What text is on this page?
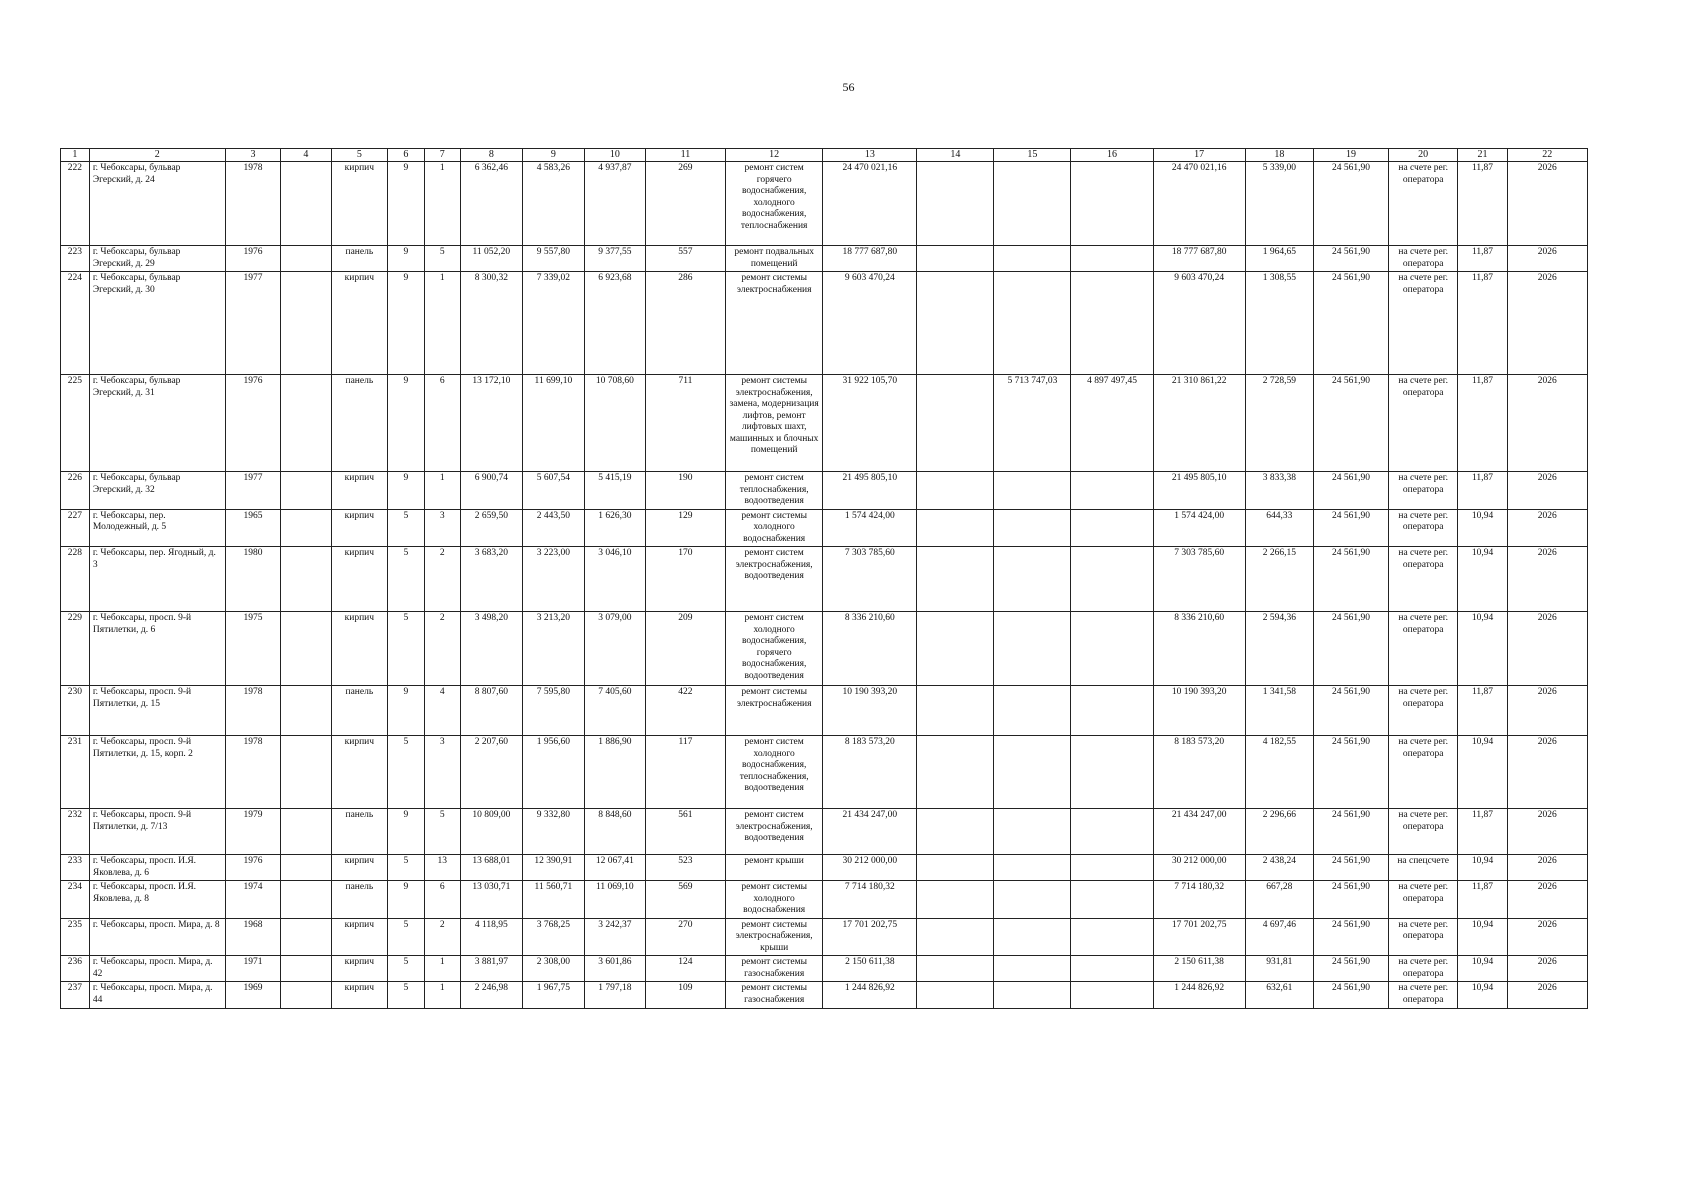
56
1	2	3	4	5	6	7	8	9	10	11	12	13	14	15	16	17	18	19	20	21	22
222	г. Чебоксары, бульвар Эгерский, д. 24	1978		кирпич	9	1	6 362,46	4 583,26	4 937,87	269	ремонт систем горячего водоснабжения, холодного водоснабжения, теплоснабжения	24 470 021,16				24 470 021,16	5 339,00	24 561,90	на счете рег. оператора	11,87	2026
223	г. Чебоксары, бульвар Эгерский, д. 29	1976		панель	9	5	11 052,20	9 557,80	9 377,55	557	ремонт подвальных помещений	18 777 687,80				18 777 687,80	1 964,65	24 561,90	на счете рег. оператора	11,87	2026
224	г. Чебоксары, бульвар Эгерский, д. 30	1977		кирпич	9	1	8 300,32	7 339,02	6 923,68	286	ремонт системы электроснабжения	9 603 470,24				9 603 470,24	1 308,55	24 561,90	на счете рег. оператора	11,87	2026
225	г. Чебоксары, бульвар Эгерский, д. 31	1976		панель	9	6	13 172,10	11 699,10	10 708,60	711	ремонт системы электроснабжения, замена, модернизация лифтов, ремонт лифтовых шахт, машинных и блочных помещений	31 922 105,70		5 713 747,03	4 897 497,45	21 310 861,22	2 728,59	24 561,90	на счете рег. оператора	11,87	2026
226	г. Чебоксары, бульвар Эгерский, д. 32	1977		кирпич	9	1	6 900,74	5 607,54	5 415,19	190	ремонт систем теплоснабжения, водоотведения	21 495 805,10				21 495 805,10	3 833,38	24 561,90	на счете рег. оператора	11,87	2026
227	г. Чебоксары, пер. Молодежный, д. 5	1965		кирпич	5	3	2 659,50	2 443,50	1 626,30	129	ремонт системы холодного водоснабжения	1 574 424,00				1 574 424,00	644,33	24 561,90	на счете рег. оператора	10,94	2026
228	г. Чебоксары, пер. Ягодный, д. 3	1980		кирпич	5	2	3 683,20	3 223,00	3 046,10	170	ремонт систем электроснабжения, водоотведения	7 303 785,60				7 303 785,60	2 266,15	24 561,90	на счете рег. оператора	10,94	2026
229	г. Чебоксары, просп. 9-й Пятилетки, д. 6	1975		кирпич	5	2	3 498,20	3 213,20	3 079,00	209	ремонт систем холодного водоснабжения, горячего водоснабжения, водоотведения	8 336 210,60				8 336 210,60	2 594,36	24 561,90	на счете рег. оператора	10,94	2026
230	г. Чебоксары, просп. 9-й Пятилетки, д. 15	1978		панель	9	4	8 807,60	7 595,80	7 405,60	422	ремонт системы электроснабжения	10 190 393,20				10 190 393,20	1 341,58	24 561,90	на счете рег. оператора	11,87	2026
231	г. Чебоксары, просп. 9-й Пятилетки, д. 15, корп. 2	1978		кирпич	5	3	2 207,60	1 956,60	1 886,90	117	ремонт систем холодного водоснабжения, теплоснабжения, водоотведения	8 183 573,20				8 183 573,20	4 182,55	24 561,90	на счете рег. оператора	10,94	2026
232	г. Чебоксары, просп. 9-й Пятилетки, д. 7/13	1979		панель	9	5	10 809,00	9 332,80	8 848,60	561	ремонт систем электроснабжения, водоотведения	21 434 247,00				21 434 247,00	2 296,66	24 561,90	на счете рег. оператора	11,87	2026
233	г. Чебоксары, просп. И.Я. Яковлева, д. 6	1976		кирпич	5	13	13 688,01	12 390,91	12 067,41	523	ремонт крыши	30 212 000,00				30 212 000,00	2 438,24	24 561,90	на спецсчете	10,94	2026
234	г. Чебоксары, просп. И.Я. Яковлева, д. 8	1974		панель	9	6	13 030,71	11 560,71	11 069,10	569	ремонт системы холодного водоснабжения	7 714 180,32				7 714 180,32	667,28	24 561,90	на счете рег. оператора	11,87	2026
235	г. Чебоксары, просп. Мира, д. 8	1968		кирпич	5	2	4 118,95	3 768,25	3 242,37	270	ремонт системы электроснабжения, крыши	17 701 202,75				17 701 202,75	4 697,46	24 561,90	на счете рег. оператора	10,94	2026
236	г. Чебоксары, просп. Мира, д. 42	1971		кирпич	5	1	3 881,97	2 308,00	3 601,86	124	ремонт системы газоснабжения	2 150 611,38				2 150 611,38	931,81	24 561,90	на счете рег. оператора	10,94	2026
237	г. Чебоксары, просп. Мира, д. 44	1969		кирпич	5	1	2 246,98	1 967,75	1 797,18	109	ремонт системы газоснабжения	1 244 826,92				1 244 826,92	632,61	24 561,90	на счете рег. оператора	10,94	2026
